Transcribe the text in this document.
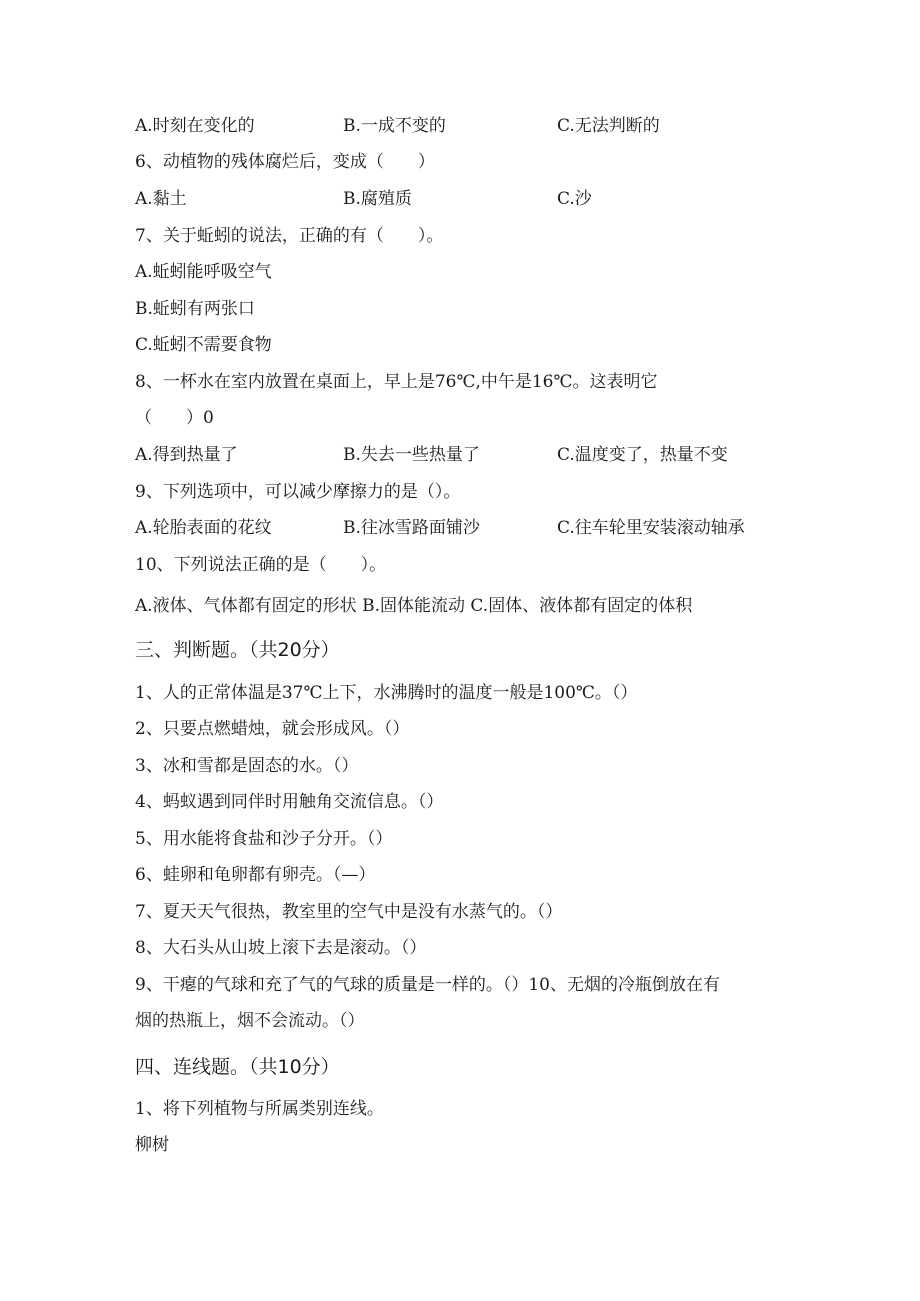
A.时刻在变化的	B.一成不变的	C.无法判断的
6、动植物的残体腐烂后，变成（　　）
A.黏土	B.腐殖质	C.沙
7、关于蚯蚓的说法，正确的有（　　）。
A.蚯蚓能呼吸空气
B.蚯蚓有两张口
C.蚯蚓不需要食物
8、一杯水在室内放置在桌面上，早上是76℃,中午是16℃。这表明它
（　　）0
A.得到热量了	B.失去一些热量了	C.温度变了，热量不变
9、下列选项中，可以减少摩擦力的是（）。
A.轮胎表面的花纹	B.往冰雪路面铺沙	C.往车轮里安装滚动轴承
10、下列说法正确的是（　　）。
A.液体、气体都有固定的形状 B.固体能流动 C.固体、液体都有固定的体积
三、判断题。（共20分）
1、人的正常体温是37℃上下，水沸腾时的温度一般是100℃。（）
2、只要点燃蜡烛，就会形成风。（）
3、冰和雪都是固态的水。（）
4、蚂蚁遇到同伴时用触角交流信息。（）
5、用水能将食盐和沙子分开。（）
6、蛙卵和龟卵都有卵壳。（—）
7、夏天天气很热，教室里的空气中是没有水蒸气的。（）
8、大石头从山坡上滚下去是滚动。（）
9、干瘪的气球和充了气的气球的质量是一样的。（）10、无烟的冷瓶倒放在有
烟的热瓶上，烟不会流动。（）
四、连线题。（共10分）
1、将下列植物与所属类别连线。
柳树
